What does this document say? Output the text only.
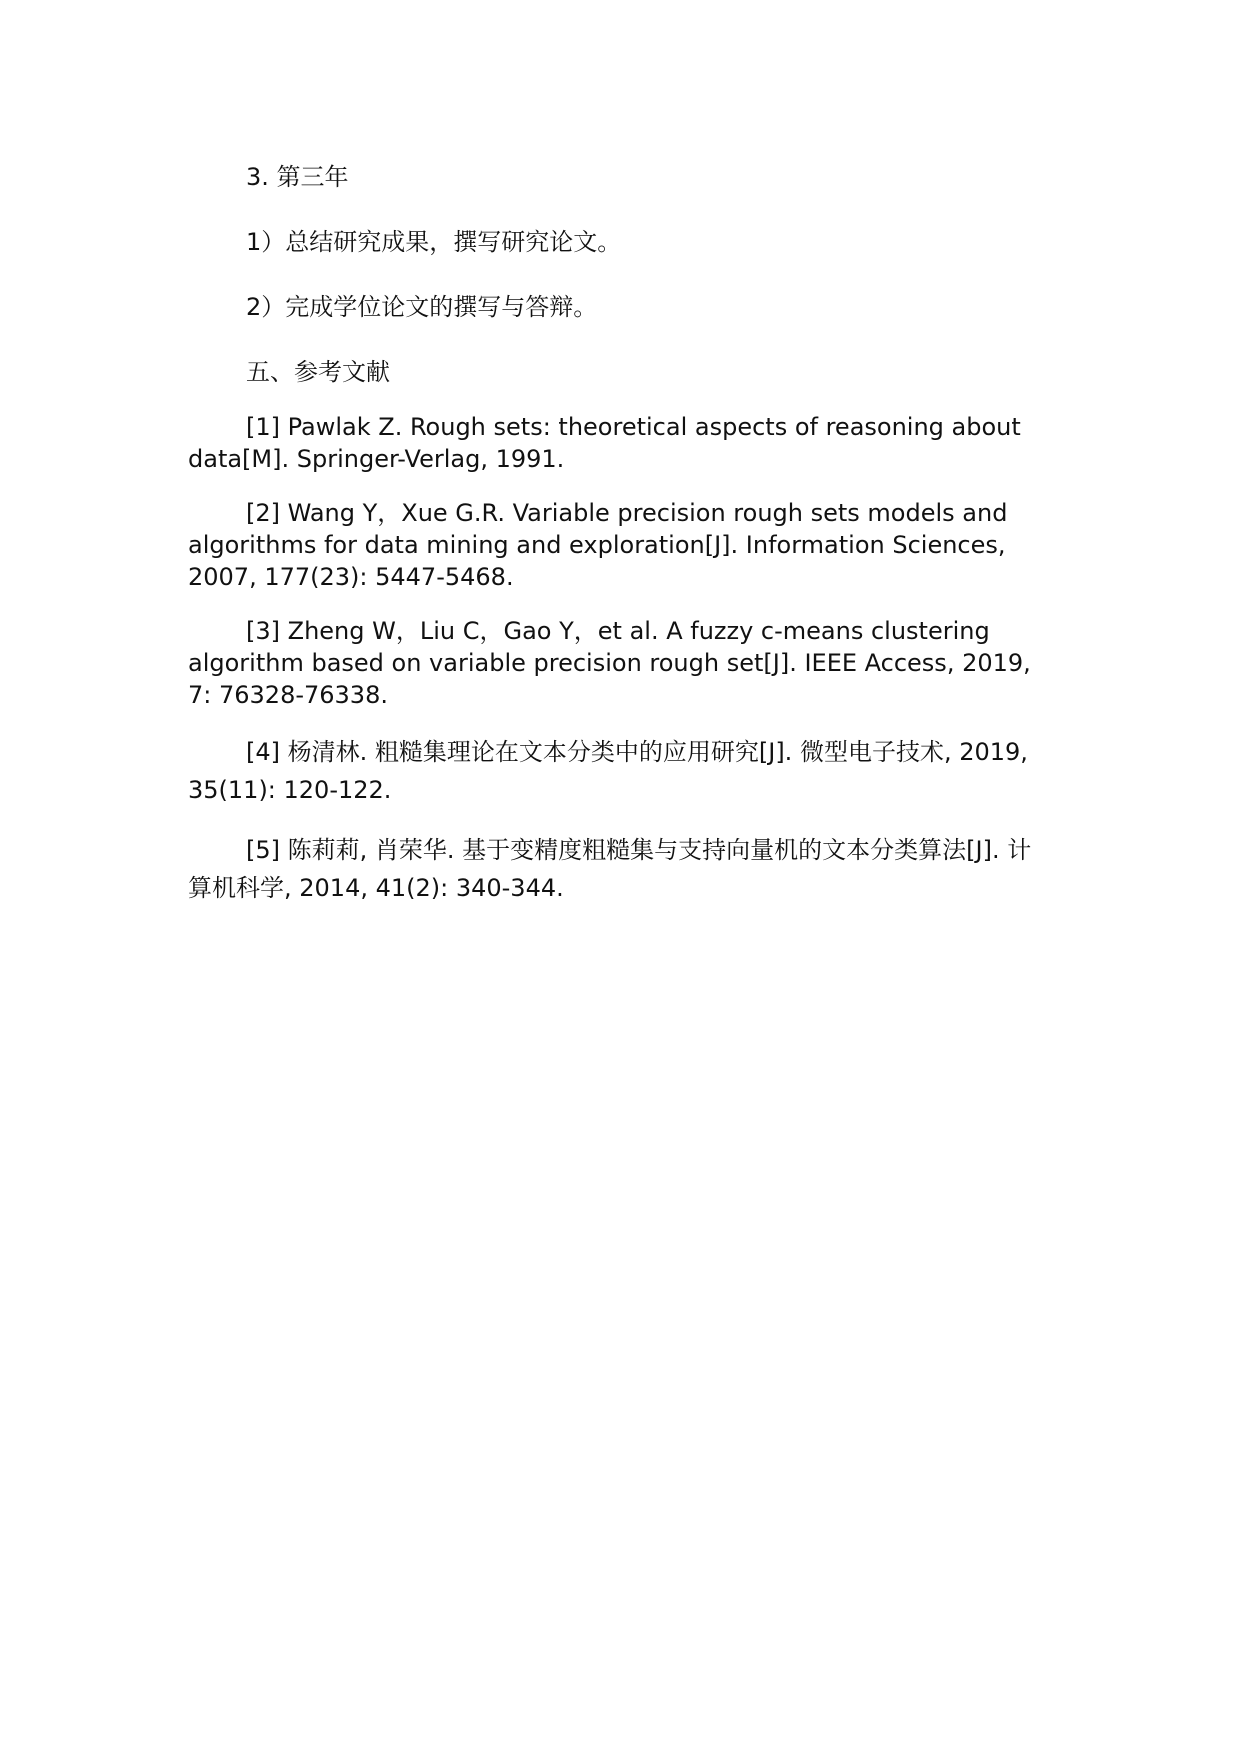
3. 第三年

1）总结研究成果，撰写研究论文。

2）完成学位论文的撰写与答辩。

五、参考文献

[1] Pawlak Z. Rough sets: theoretical aspects of reasoning about data[M]. Springer-Verlag, 1991.

[2] Wang Y，Xue G.R. Variable precision rough sets models and algorithms for data mining and exploration[J]. Information Sciences, 2007, 177(23): 5447-5468.

[3] Zheng W，Liu C，Gao Y，et al. A fuzzy c-means clustering algorithm based on variable precision rough set[J]. IEEE Access, 2019, 7: 76328-76338.

[4] 杨清林. 粗糙集理论在文本分类中的应用研究[J]. 微型电子技术, 2019, 35(11): 120-122.

[5] 陈莉莉, 肖荣华. 基于变精度粗糙集与支持向量机的文本分类算法[J]. 计算机科学, 2014, 41(2): 340-344.
